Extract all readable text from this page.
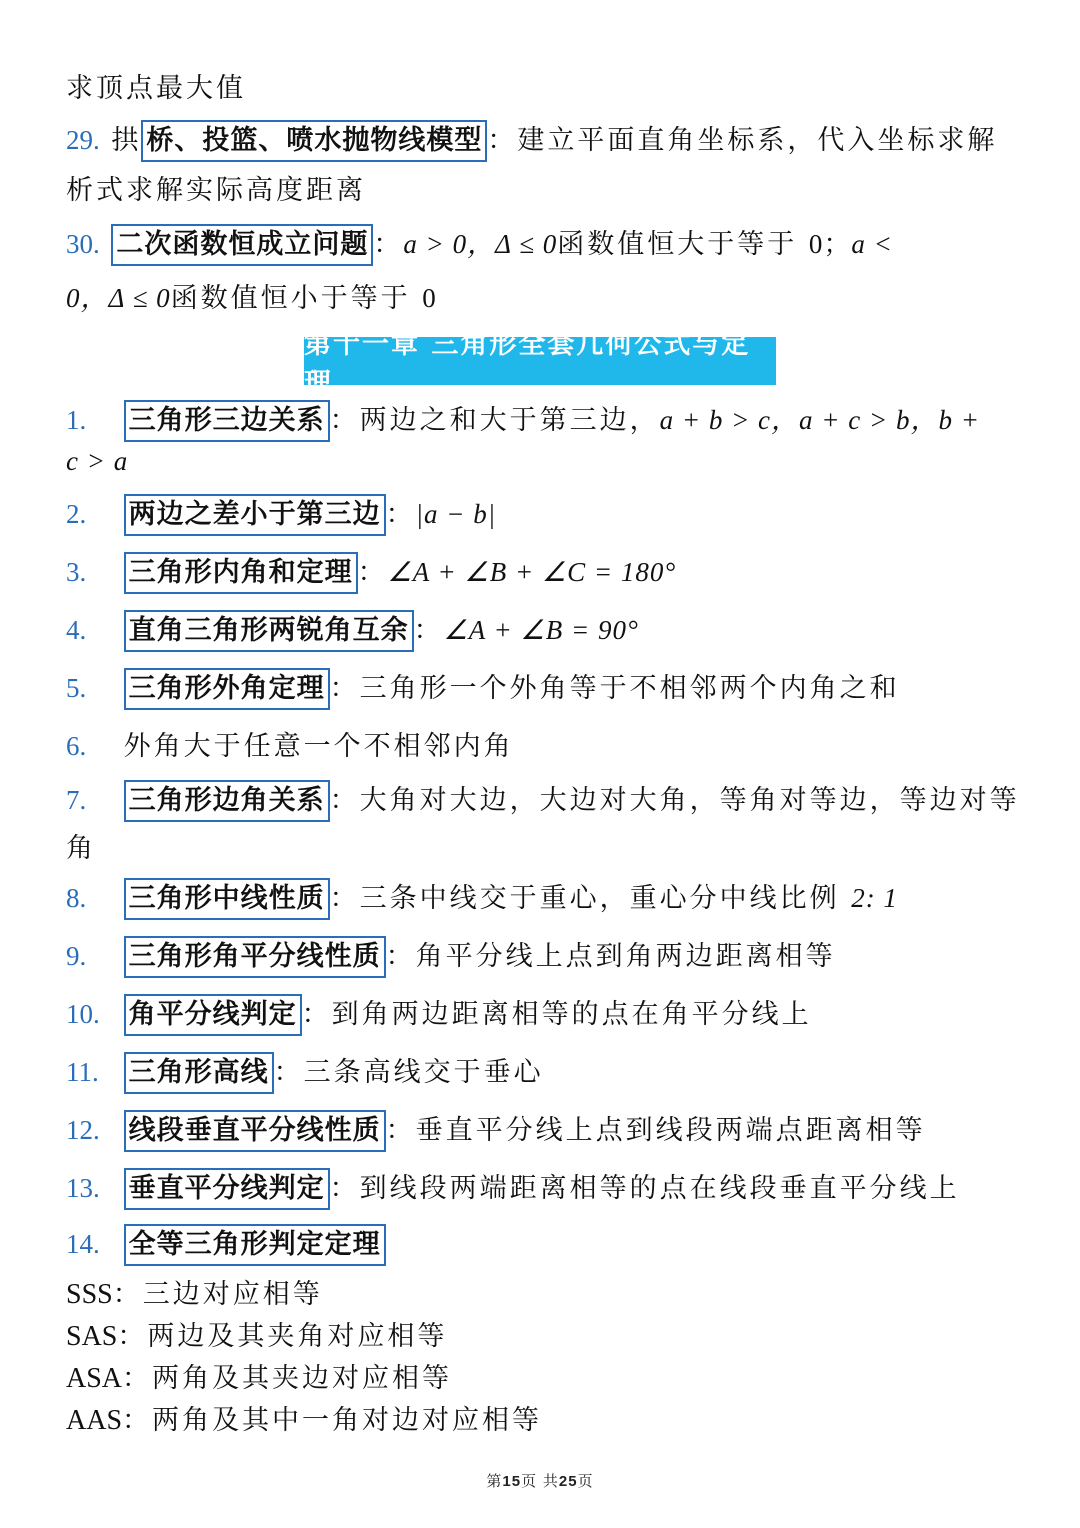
求顶点最大值
29. 拱 桥、投篮、喷水抛物线模型 ：建立平面直角坐标系，代入坐标求解
析式求解实际高度距离
30. 二次函数恒成立问题 ：a > 0，Δ ≤ 0函数值恒大于等于 0；a <
0，Δ ≤ 0函数值恒小于等于 0
第十一章 三角形全套几何公式与定理
1. 三角形三边关系 ：两边之和大于第三边，a + b > c，a + c > b，b +
c > a
2. 两边之差小于第三边 ：|a − b|
3. 三角形内角和定理 ：∠A + ∠B + ∠C = 180°
4. 直角三角形两锐角互余 ：∠A + ∠B = 90°
5. 三角形外角定理 ：三角形一个外角等于不相邻两个内角之和
6. 外角大于任意一个不相邻内角
7. 三角形边角关系 ：大角对大边，大边对大角，等角对等边，等边对等
角
8. 三角形中线性质 ：三条中线交于重心，重心分中线比例 2: 1
9. 三角形角平分线性质 ：角平分线上点到角两边距离相等
10. 角平分线判定 ：到角两边距离相等的点在角平分线上
11. 三角形高线 ：三条高线交于垂心
12. 线段垂直平分线性质 ：垂直平分线上点到线段两端点距离相等
13. 垂直平分线判定 ：到线段两端距离相等的点在线段垂直平分线上
14. 全等三角形判定定理
SSS：三边对应相等
SAS：两边及其夹角对应相等
ASA：两角及其夹边对应相等
AAS：两角及其中一角对边对应相等
第15页 共25页
